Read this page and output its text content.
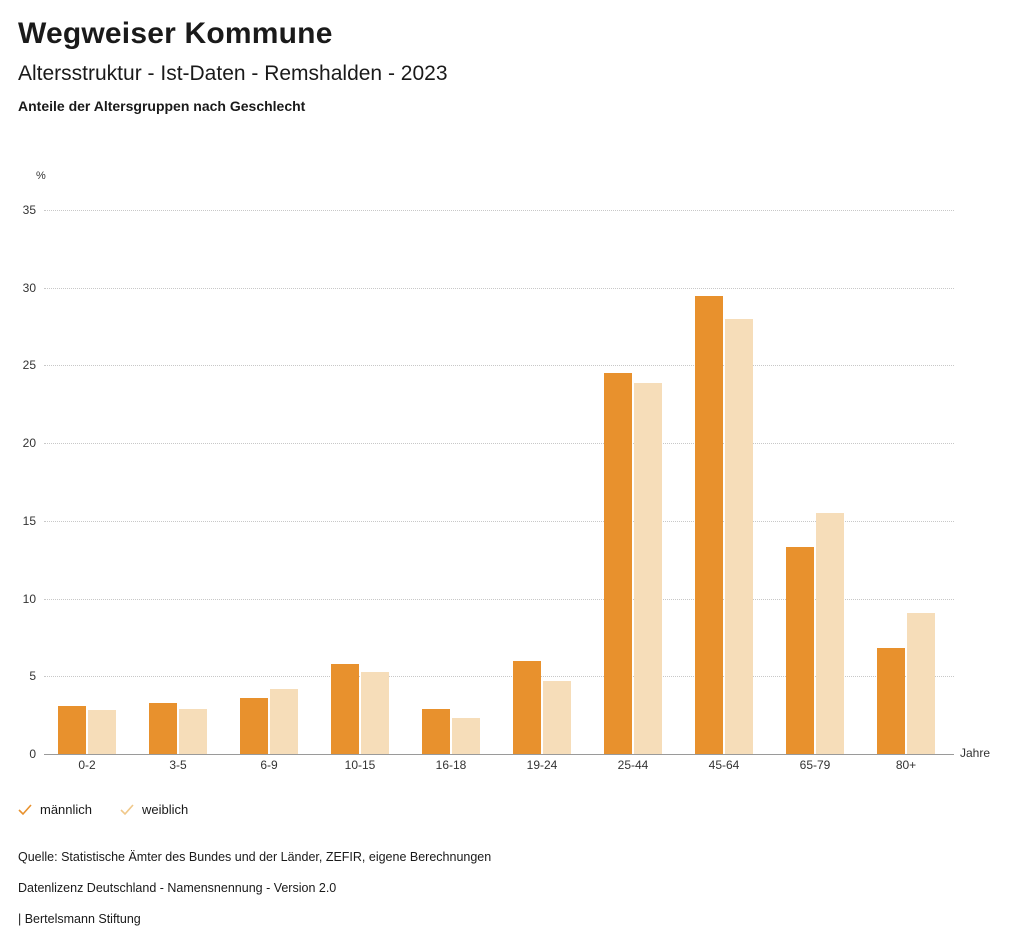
Wegweiser Kommune
Altersstruktur - Ist-Daten - Remshalden - 2023
Anteile der Altersgruppen nach Geschlecht
%
0
5
10
15
20
25
30
35
0-2	3-5	6-9	10-15	16-18	19-24	25-44	45-64	65-79	80+
Jahre
männlich	weiblich
Quelle: Statistische Ämter des Bundes und der Länder, ZEFIR, eigene Berechnungen
Datenlizenz Deutschland - Namensnennung - Version 2.0
| Bertelsmann Stiftung
